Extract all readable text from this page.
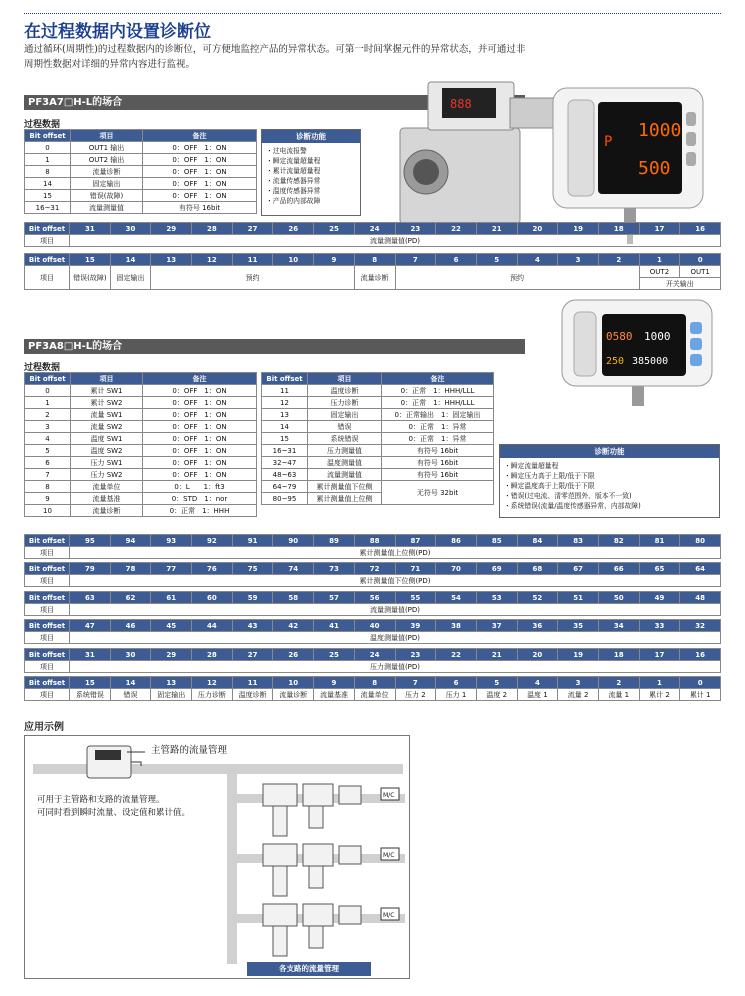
在过程数据内设置诊断位
通过循环(周期性)的过程数据内的诊断位，可方便地监控产品的异常状态。可第一时间掌握元件的异常状态，并可通过非周期性数据对详细的异常内容进行监视。
PF3A7□H-L的场合
过程数据
Bit offset	项目	备注
0	OUT1 输出	0：OFF　1：ON
1	OUT2 输出	0：OFF　1：ON
8	流量诊断	0：OFF　1：ON
14	固定输出	0：OFF　1：ON
15	错误(故障)	0：OFF　1：ON
16~31	流量测量值	有符号 16bit
诊断功能
・过电流报警
・瞬定流量超量程
・累计流量超量程
・流量传感器异常
・温度传感器异常
・产品的内部故障
888
1000
P
500
Bit offset	31	30	29	28	27	26	25	24	23	22	21	20	19	18	17	16
项目	流量测量值(PD)															
Bit offset	15	14	13	12	11	10	9	8	7	6	5	4	3	2	1	0
项目	错误(故障)	固定输出	预约					流量诊断	预约						OUT2	OUT1
															开关输出	
PF3A8□H-L的场合
0580 1000
250 385000
过程数据
Bit offset	项目	备注
0	累计 SW1	0：OFF　1：ON
1	累计 SW2	0：OFF　1：ON
2	流量 SW1	0：OFF　1：ON
3	流量 SW2	0：OFF　1：ON
4	温度 SW1	0：OFF　1：ON
5	温度 SW2	0：OFF　1：ON
6	压力 SW1	0：OFF　1：ON
7	压力 SW2	0：OFF　1：ON
8	流量单位	0：L　　1：ft3
9	流量基准	0：STD　1：nor
10	流量诊断	0：正常　1：HHH
Bit offset	项目	备注
11	温度诊断	0：正常　1：HHH/LLL
12	压力诊断	0：正常　1：HHH/LLL
13	固定输出	0：正常输出　1：固定输出
14	错误	0：正常　1：异常
15	系统错误	0：正常　1：异常
16~31	压力测量值	有符号 16bit
32~47	温度测量值	有符号 16bit
48~63	流量测量值	有符号 16bit
64~79	累计测量值下位侧	无符号 32bit
80~95	累计测量值上位侧	
诊断功能
・瞬定流量超量程
・瞬定压力高于上限/低于下限
・瞬定温度高于上限/低于下限
・错误(过电流、清零范围外、版本不一致)
・系统错误(流量/温度传感器异常、内部故障)
Bit offset	95	94	93	92	91	90	89	88	87	86	85	84	83	82	81	80
项目	累计测量值上位侧(PD)															
Bit offset	79	78	77	76	75	74	73	72	71	70	69	68	67	66	65	64
项目	累计测量值下位侧(PD)															
Bit offset	63	62	61	60	59	58	57	56	55	54	53	52	51	50	49	48
项目	流量测量值(PD)															
Bit offset	47	46	45	44	43	42	41	40	39	38	37	36	35	34	33	32
项目	温度测量值(PD)															
Bit offset	31	30	29	28	27	26	25	24	23	22	21	20	19	18	17	16
项目	压力测量值(PD)															
Bit offset	15	14	13	12	11	10	9	8	7	6	5	4	3	2	1	0
项目	系统错误	错误	固定输出	压力诊断	温度诊断	流量诊断	流量基准	流量单位	压力 2	压力 1	温度 2	温度 1	流量 2	流量 1	累计 2	累计 1
应用示例
M/C
M/C
M/C
主管路的流量管理
可用于主管路和支路的流量管理。
可同时看到瞬时流量、设定值和累计值。
各支路的流量管理
